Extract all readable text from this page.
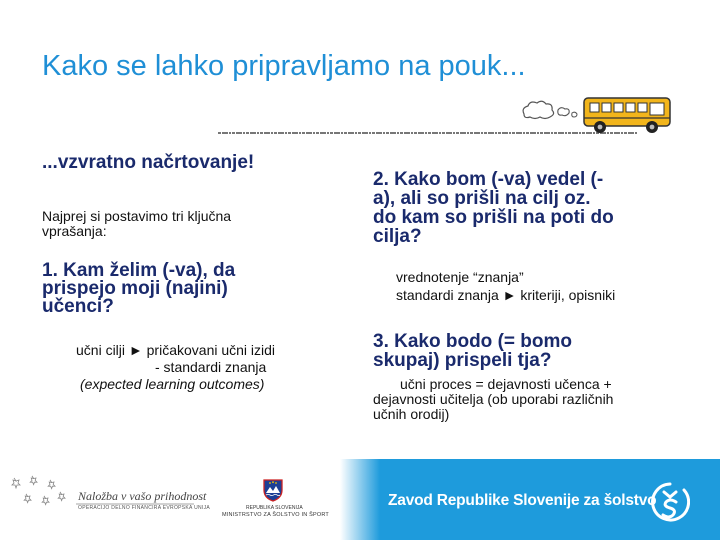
Kako se lahko pripravljamo na pouk...
...vzvratno načrtovanje!
Najprej si postavimo tri ključna
vprašanja:
1. Kam želim (-va), da
prispejo moji (najini)
učenci?
učni cilji ► pričakovani učni izidi
- standardi znanja
(expected learning outcomes)
2. Kako bom (-va) vedel (-
a), ali so prišli na cilj oz.
do kam so prišli na poti do
cilja?
vrednotenje “znanja”
standardi znanja ► kriteriji, opisniki
3. Kako bodo (= bomo
skupaj) prispeli tja?
učni proces = dejavnosti učenca +
dejavnosti učitelja (ob uporabi različnih
učnih orodij)
Naložba v vašo prihodnost
OPERACIJO DELNO FINANCIRA EVROPSKA UNIJA	REPUBLIKA SLOVENIJA
MINISTRSTVO ZA ŠOLSTVO IN ŠPORT
Zavod Republike Slovenije za šolstvo
